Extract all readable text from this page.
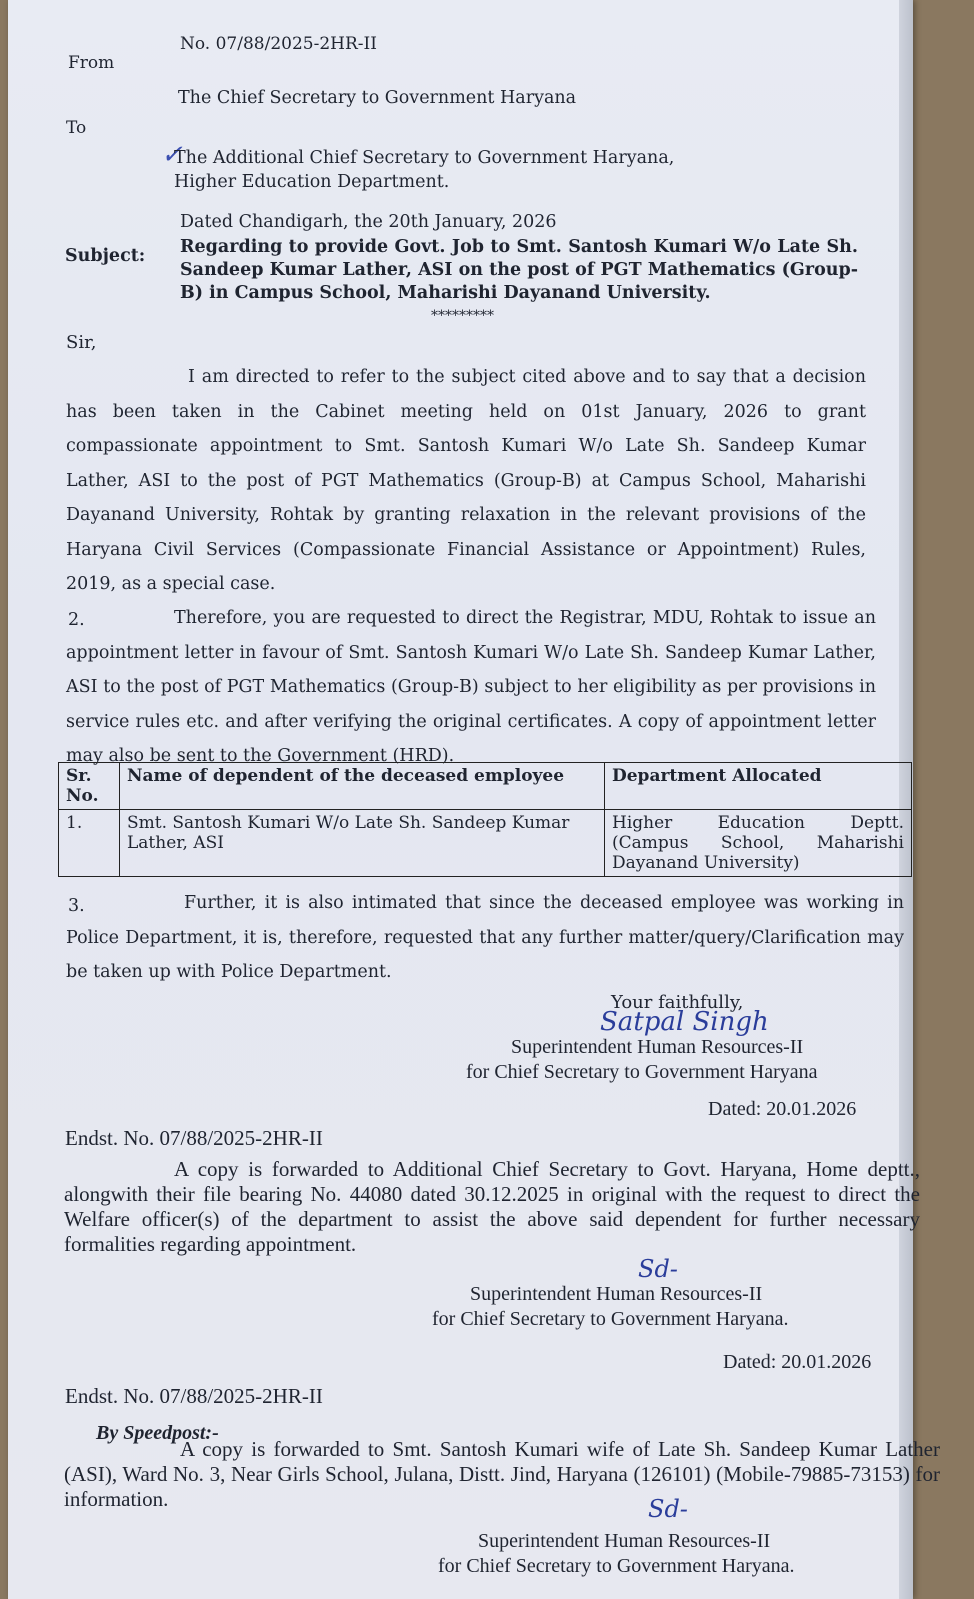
No. 07/88/2025-2HR-II
From
The Chief Secretary to Government Haryana
To
✓
The Additional Chief Secretary to Government Haryana,
Higher Education Department.
Dated Chandigarh, the 20th January, 2026
Subject: Regarding to provide Govt. Job to Smt. Santosh Kumari W/o Late Sh. Sandeep Kumar Lather, ASI on the post of PGT Mathematics (Group-B) in Campus School, Maharishi Dayanand University.
*********
Sir,
I am directed to refer to the subject cited above and to say that a decision has been taken in the Cabinet meeting held on 01st January, 2026 to grant compassionate appointment to Smt. Santosh Kumari W/o Late Sh. Sandeep Kumar Lather, ASI to the post of PGT Mathematics (Group-B) at Campus School, Maharishi Dayanand University, Rohtak by granting relaxation in the relevant provisions of the Haryana Civil Services (Compassionate Financial Assistance or Appointment) Rules, 2019, as a special case.
2.	Therefore, you are requested to direct the Registrar, MDU, Rohtak to issue an appointment letter in favour of Smt. Santosh Kumari W/o Late Sh. Sandeep Kumar Lather, ASI to the post of PGT Mathematics (Group-B) subject to her eligibility as per provisions in service rules etc. and after verifying the original certificates. A copy of appointment letter may also be sent to the Government (HRD).
Sr. No.	Name of dependent of the deceased employee	Department Allocated
1.	Smt. Santosh Kumari W/o Late Sh. Sandeep Kumar Lather, ASI	Higher Education Deptt. (Campus School, Maharishi Dayanand University)
3.	Further, it is also intimated that since the deceased employee was working in Police Department, it is, therefore, requested that any further matter/query/Clarification may be taken up with Police Department.
Your faithfully,
Satpal Singh
Superintendent Human Resources-II
for Chief Secretary to Government Haryana
Dated: 20.01.2026
Endst. No. 07/88/2025-2HR-II
A copy is forwarded to Additional Chief Secretary to Govt. Haryana, Home deptt., alongwith their file bearing No. 44080 dated 30.12.2025 in original with the request to direct the Welfare officer(s) of the department to assist the above said dependent for further necessary formalities regarding appointment.
Sd-
Superintendent Human Resources-II
for Chief Secretary to Government Haryana.
Dated: 20.01.2026
Endst. No. 07/88/2025-2HR-II
By Speedpost:-
A copy is forwarded to Smt. Santosh Kumari wife of Late Sh. Sandeep Kumar Lather (ASI), Ward No. 3, Near Girls School, Julana, Distt. Jind, Haryana (126101) (Mobile-79885-73153) for information.	Sd-
Superintendent Human Resources-II
for Chief Secretary to Government Haryana.
